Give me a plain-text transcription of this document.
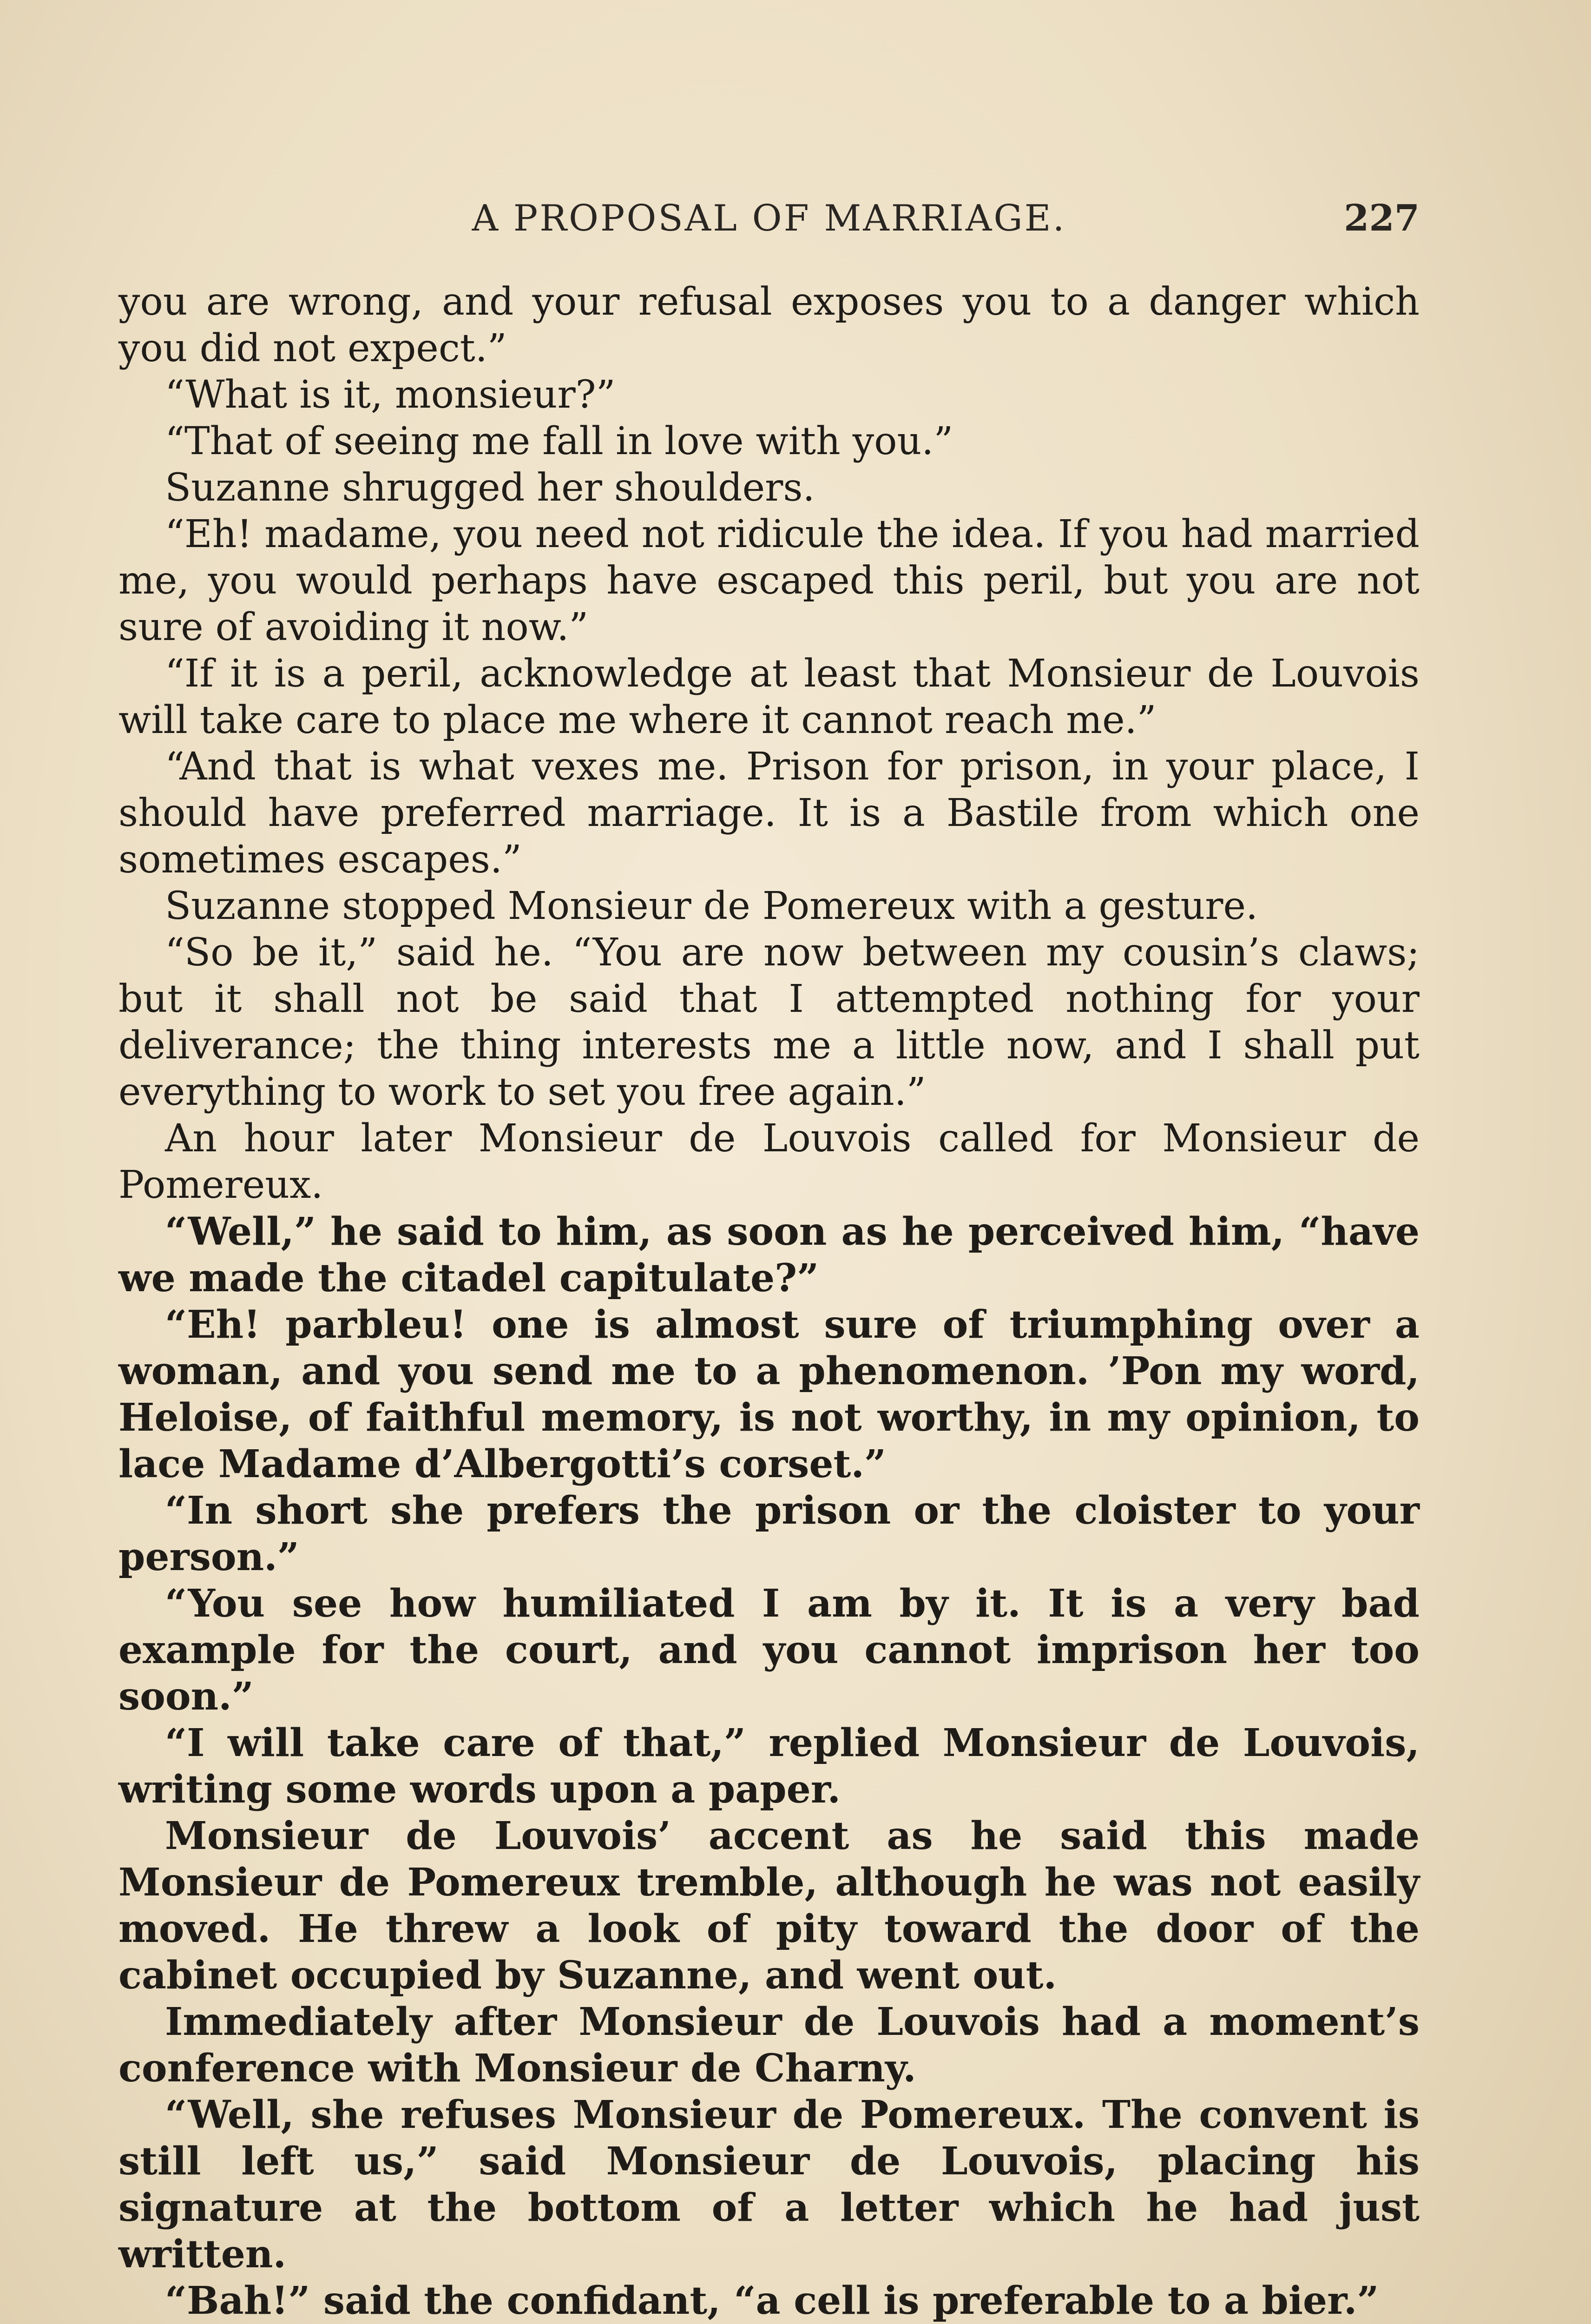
A PROPOSAL OF MARRIAGE.	227

you are wrong, and your refusal exposes you to a danger which you did not expect.”

“What is it, monsieur?”

“That of seeing me fall in love with you.”

Suzanne shrugged her shoulders.

“Eh! madame, you need not ridicule the idea. If you had married me, you would perhaps have escaped this peril, but you are not sure of avoiding it now.”

“If it is a peril, acknowledge at least that Monsieur de Louvois will take care to place me where it cannot reach me.”

“And that is what vexes me. Prison for prison, in your place, I should have preferred marriage. It is a Bastile from which one sometimes escapes.”

Suzanne stopped Monsieur de Pomereux with a gesture.

“So be it,” said he. “You are now between my cousin’s claws; but it shall not be said that I attempted nothing for your deliverance; the thing interests me a little now, and I shall put everything to work to set you free again.”

An hour later Monsieur de Louvois called for Monsieur de Pomereux.

“Well,” he said to him, as soon as he perceived him, “have we made the citadel capitulate?”

“Eh! parbleu! one is almost sure of triumphing over a woman, and you send me to a phenomenon. ’Pon my word, Heloise, of faithful memory, is not worthy, in my opinion, to lace Madame d’Albergotti’s corset.”

“In short she prefers the prison or the cloister to your person.”

“You see how humiliated I am by it. It is a very bad example for the court, and you cannot imprison her too soon.”

“I will take care of that,” replied Monsieur de Louvois, writing some words upon a paper.

Monsieur de Louvois’ accent as he said this made Monsieur de Pomereux tremble, although he was not easily moved. He threw a look of pity toward the door of the cabinet occupied by Suzanne, and went out.

Immediately after Monsieur de Louvois had a moment’s conference with Monsieur de Charny.

“Well, she refuses Monsieur de Pomereux. The convent is still left us,” said Monsieur de Louvois, placing his signature at the bottom of a letter which he had just written.

“Bah!” said the confidant, “a cell is preferable to a bier.”
